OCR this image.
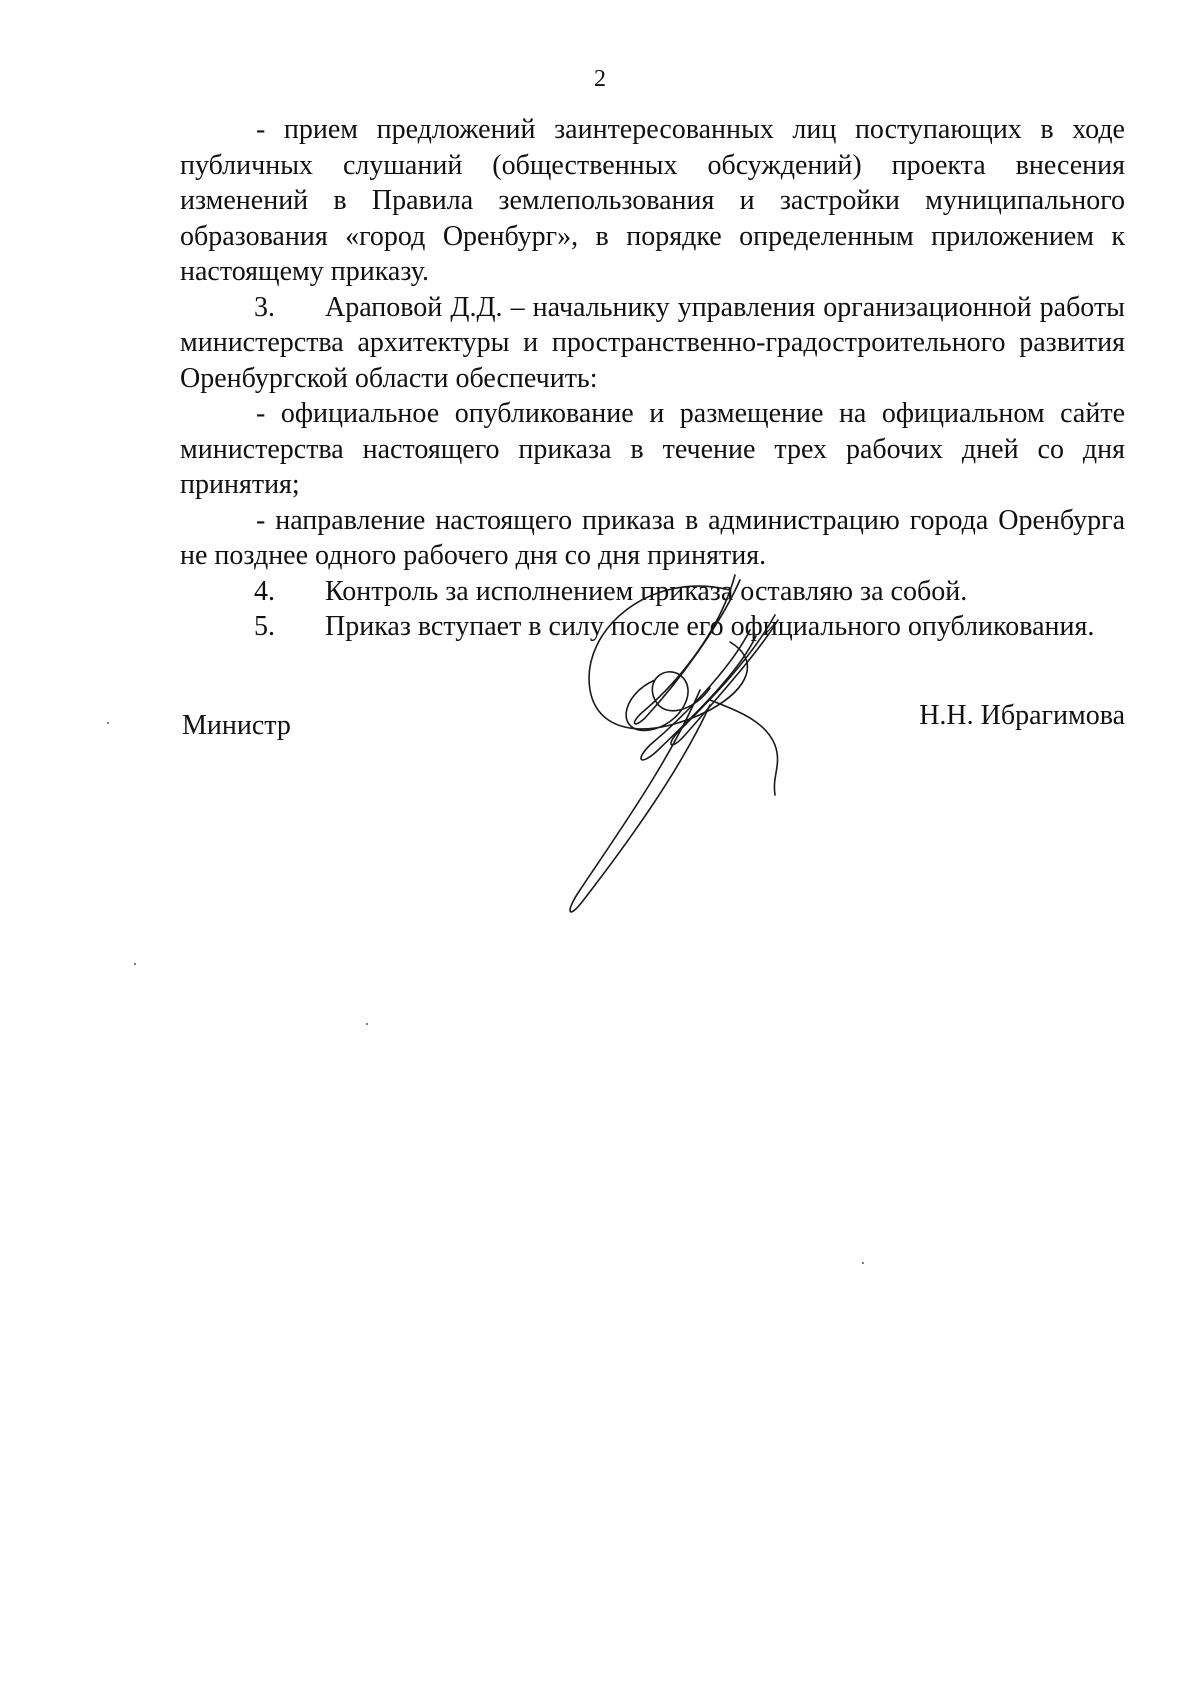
2

- прием предложений заинтересованных лиц поступающих в ходе публичных слушаний (общественных обсуждений) проекта внесения изменений в Правила землепользования и застройки муниципального образования «город Оренбург», в порядке определенным приложением к настоящему приказу.

3. Араповой Д.Д. – начальнику управления организационной работы министерства архитектуры и пространственно-градостроительного развития Оренбургской области обеспечить:

- официальное опубликование и размещение на официальном сайте министерства настоящего приказа в течение трех рабочих дней со дня принятия;

- направление настоящего приказа в администрацию города Оренбурга не позднее одного рабочего дня со дня принятия.

4.	Контроль за исполнением приказа оставляю за собой.
5.	Приказ вступает в силу после его официального опубликования.
Министр	Н.Н. Ибрагимова
